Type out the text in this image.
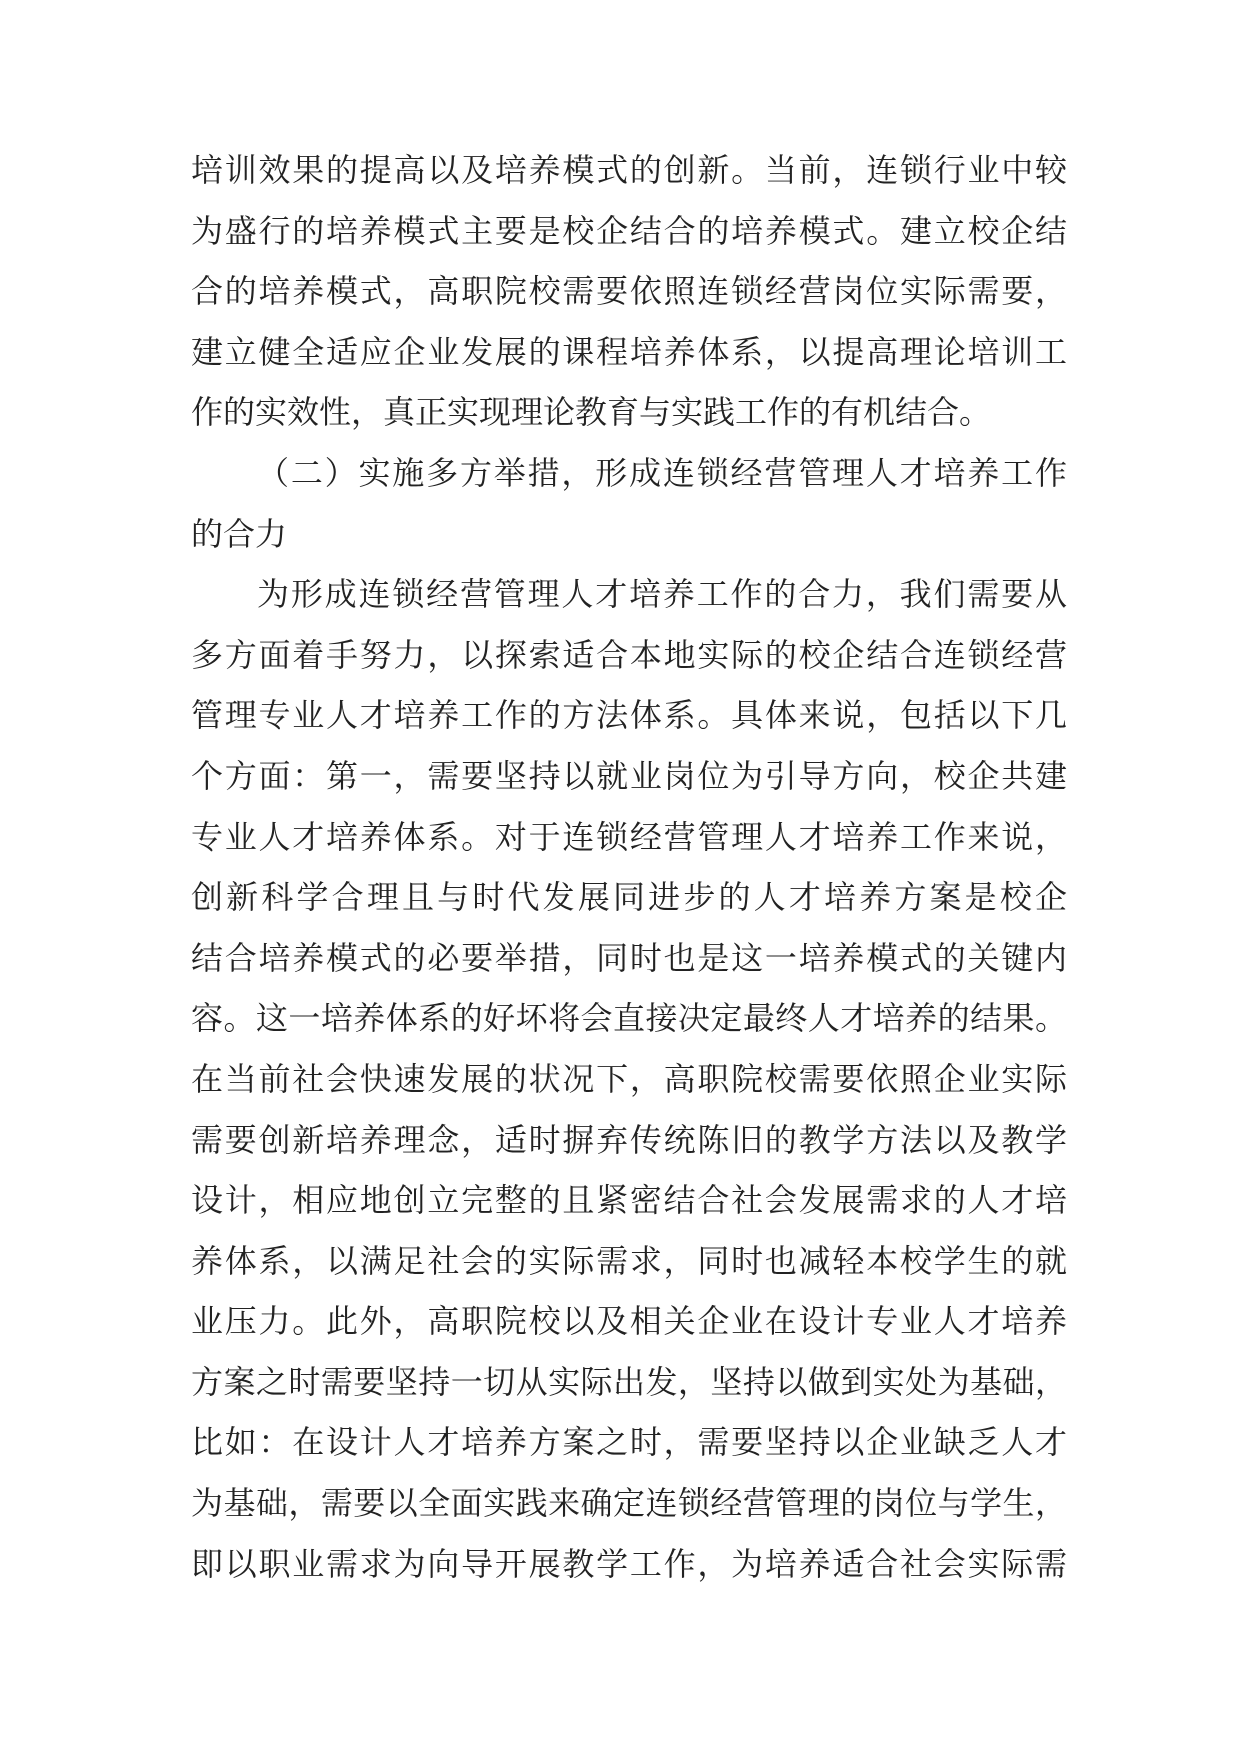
培训效果的提高以及培养模式的创新。当前，连锁行业中较
为盛行的培养模式主要是校企结合的培养模式。建立校企结
合的培养模式，高职院校需要依照连锁经营岗位实际需要，
建立健全适应企业发展的课程培养体系，以提高理论培训工
作的实效性，真正实现理论教育与实践工作的有机结合。
（二）实施多方举措，形成连锁经营管理人才培养工作
的合力
为形成连锁经营管理人才培养工作的合力，我们需要从
多方面着手努力，以探索适合本地实际的校企结合连锁经营
管理专业人才培养工作的方法体系。具体来说，包括以下几
个方面：第一，需要坚持以就业岗位为引导方向，校企共建
专业人才培养体系。对于连锁经营管理人才培养工作来说，
创新科学合理且与时代发展同进步的人才培养方案是校企
结合培养模式的必要举措，同时也是这一培养模式的关键内
容。这一培养体系的好坏将会直接决定最终人才培养的结果。
在当前社会快速发展的状况下，高职院校需要依照企业实际
需要创新培养理念，适时摒弃传统陈旧的教学方法以及教学
设计，相应地创立完整的且紧密结合社会发展需求的人才培
养体系，以满足社会的实际需求，同时也减轻本校学生的就
业压力。此外，高职院校以及相关企业在设计专业人才培养
方案之时需要坚持一切从实际出发，坚持以做到实处为基础，
比如：在设计人才培养方案之时，需要坚持以企业缺乏人才
为基础，需要以全面实践来确定连锁经营管理的岗位与学生，
即以职业需求为向导开展教学工作，为培养适合社会实际需
